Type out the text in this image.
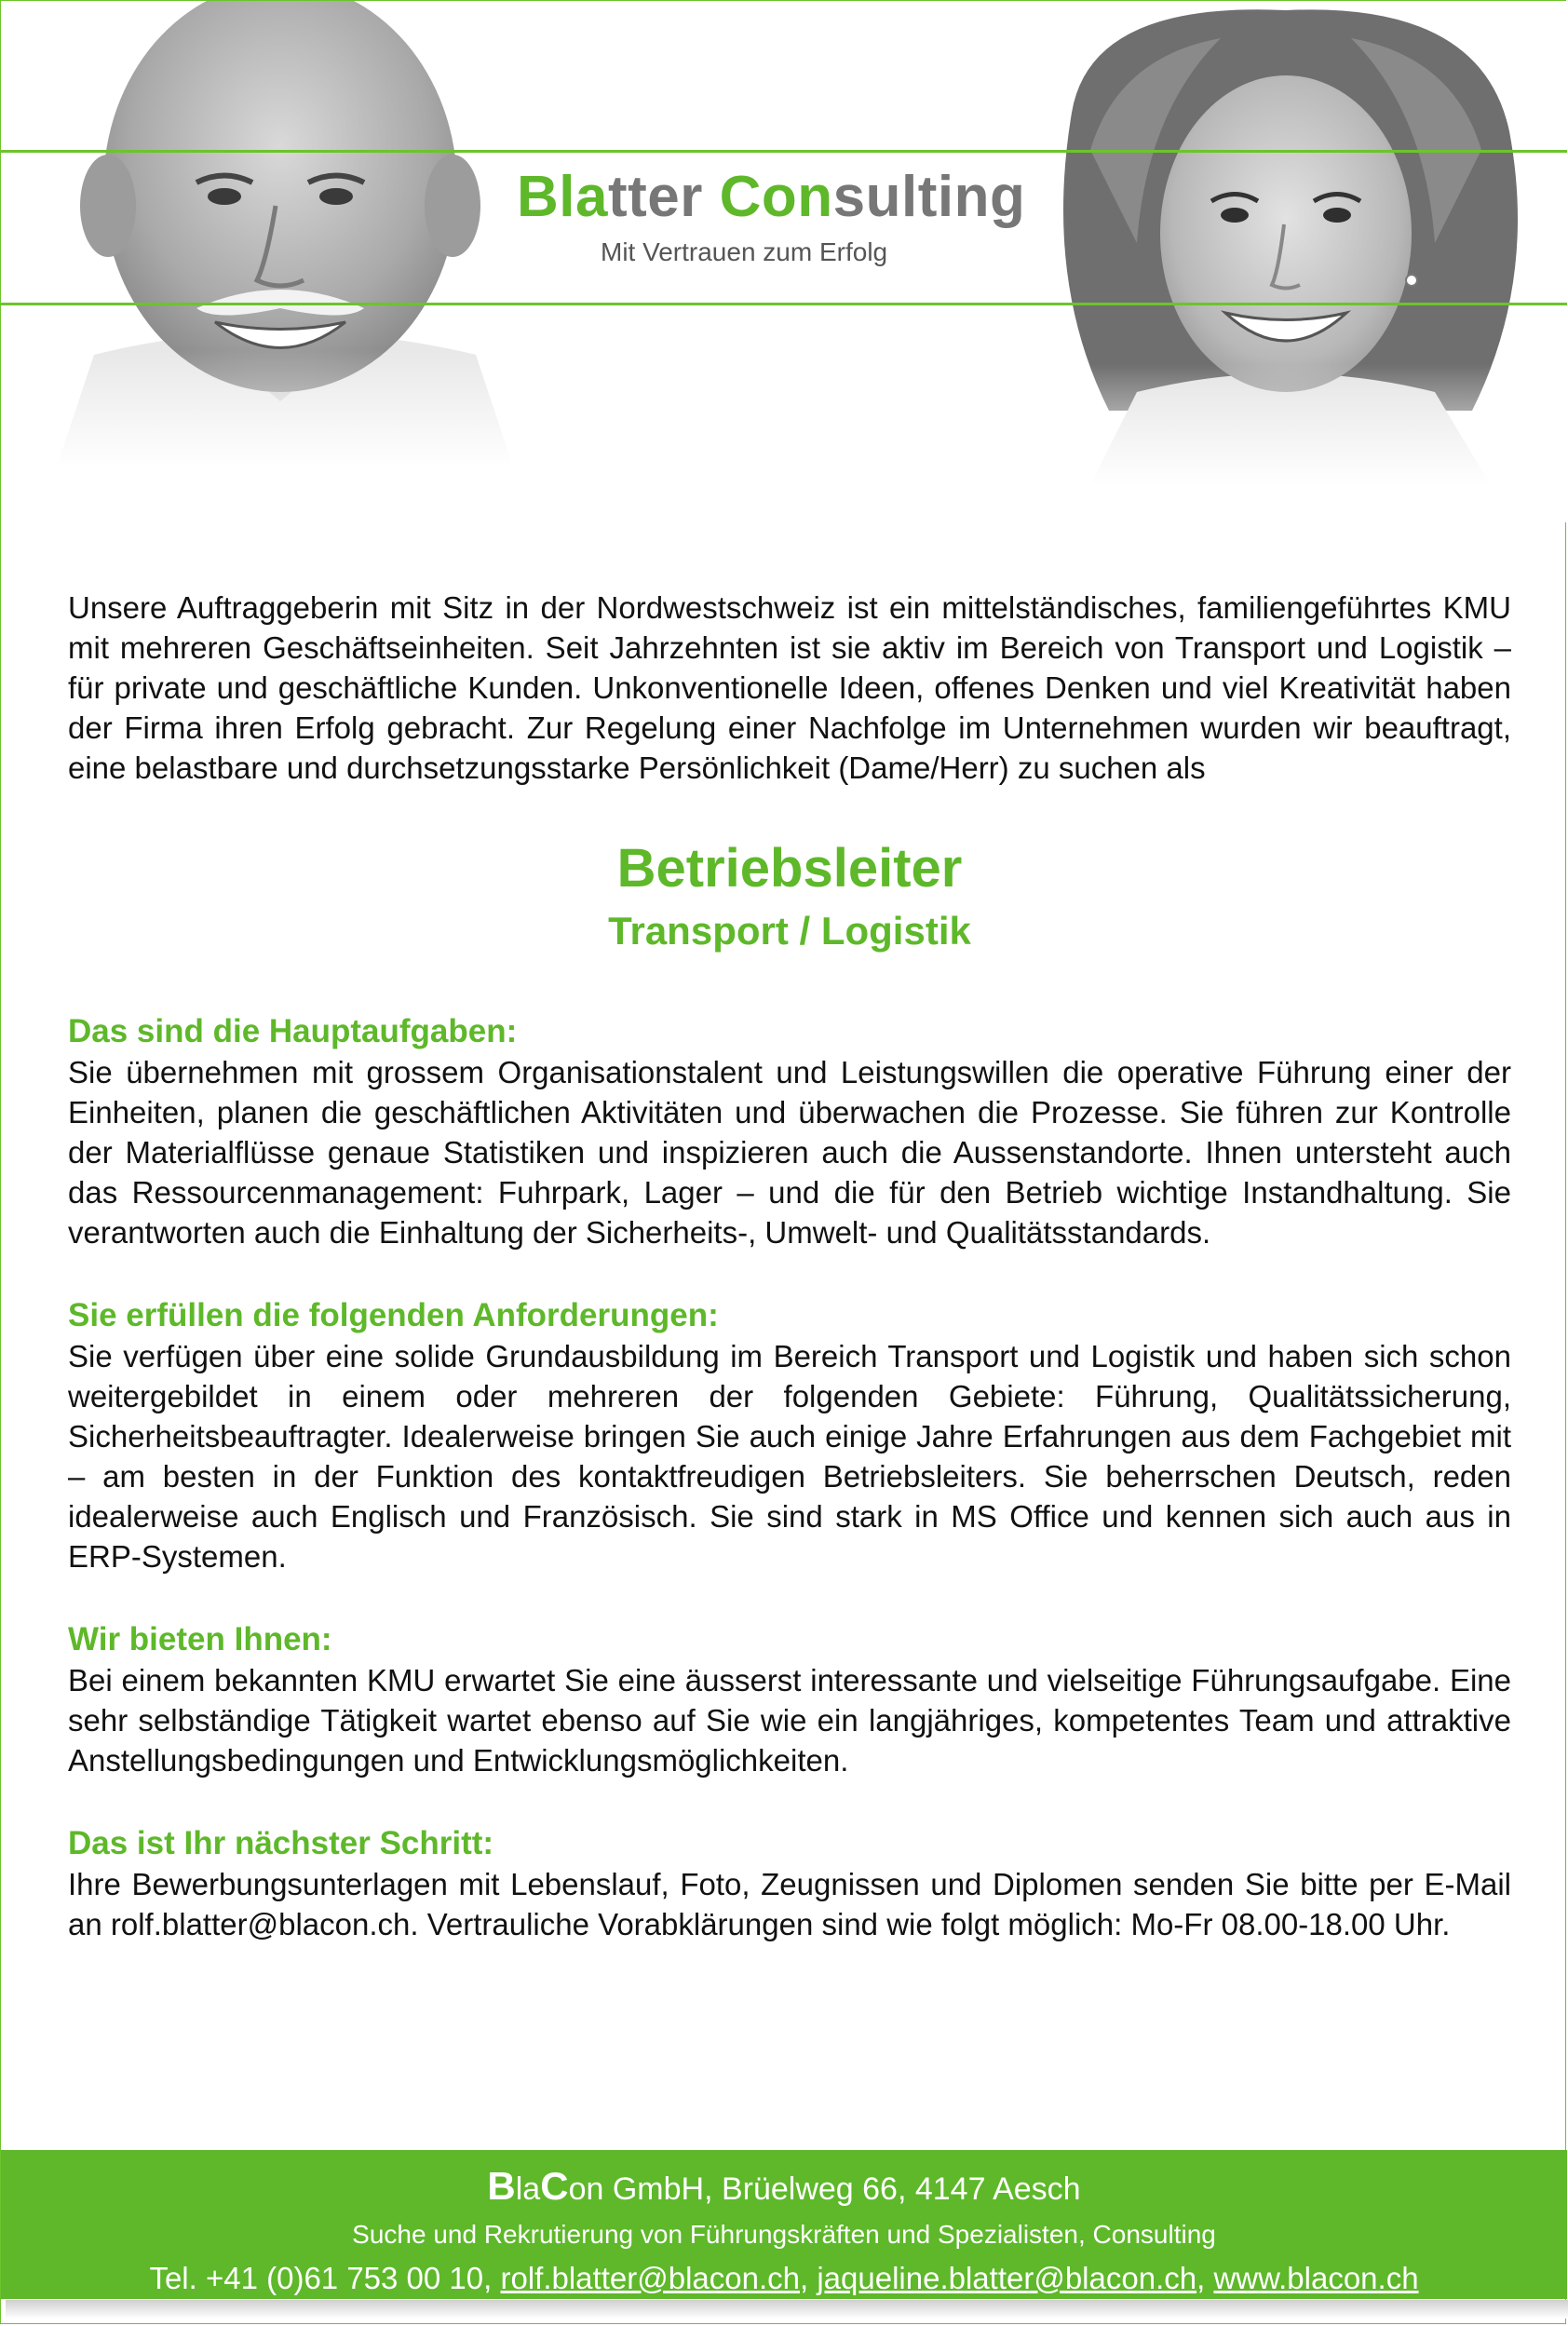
Blatter Consulting
Mit Vertrauen zum Erfolg

Unsere Auftraggeberin mit Sitz in der Nordwestschweiz ist ein mittelständisches, familiengeführtes KMU mit mehreren Geschäftseinheiten. Seit Jahrzehnten ist sie aktiv im Bereich von Transport und Logistik – für private und geschäftliche Kunden. Unkonventionelle Ideen, offenes Denken und viel Kreativität haben der Firma ihren Erfolg gebracht. Zur Regelung einer Nachfolge im Unternehmen wurden wir beauftragt, eine belastbare und durchsetzungsstarke Persönlichkeit (Dame/Herr) zu suchen als

Betriebsleiter
Transport / Logistik
Das sind die Hauptaufgaben:

Sie übernehmen mit grossem Organisationstalent und Leistungswillen die operative Führung einer der Einheiten, planen die geschäftlichen Aktivitäten und überwachen die Prozesse. Sie führen zur Kontrolle der Materialflüsse genaue Statistiken und inspizieren auch die Aussenstandorte. Ihnen untersteht auch das Ressourcenmanagement: Fuhrpark, Lager – und die für den Betrieb wichtige Instandhaltung. Sie verantworten auch die Einhaltung der Sicherheits-, Umwelt- und Qualitätsstandards.

Sie erfüllen die folgenden Anforderungen:

Sie verfügen über eine solide Grundausbildung im Bereich Transport und Logistik und haben sich schon weitergebildet in einem oder mehreren der folgenden Gebiete: Führung, Qualitätssicherung, Sicherheitsbeauftragter. Idealerweise bringen Sie auch einige Jahre Erfahrungen aus dem Fachgebiet mit – am besten in der Funktion des kontaktfreudigen Betriebsleiters. Sie beherrschen Deutsch, reden idealerweise auch Englisch und Französisch. Sie sind stark in MS Office und kennen sich auch aus in ERP-Systemen.

Wir bieten Ihnen:

Bei einem bekannten KMU erwartet Sie eine äusserst interessante und vielseitige Führungsaufgabe. Eine sehr selbständige Tätigkeit wartet ebenso auf Sie wie ein langjähriges, kompetentes Team und attraktive Anstellungsbedingungen und Entwicklungsmöglichkeiten.

Das ist Ihr nächster Schritt:

Ihre Bewerbungsunterlagen mit Lebenslauf, Foto, Zeugnissen und Diplomen senden Sie bitte per E-Mail an rolf.blatter@blacon.ch. Vertrauliche Vorabklärungen sind wie folgt möglich: Mo-Fr 08.00-18.00 Uhr.

BlaCon GmbH, Brüelweg 66, 4147 Aesch
Suche und Rekrutierung von Führungskräften und Spezialisten, Consulting
Tel. +41 (0)61 753 00 10, rolf.blatter@blacon.ch, jaqueline.blatter@blacon.ch, www.blacon.ch
